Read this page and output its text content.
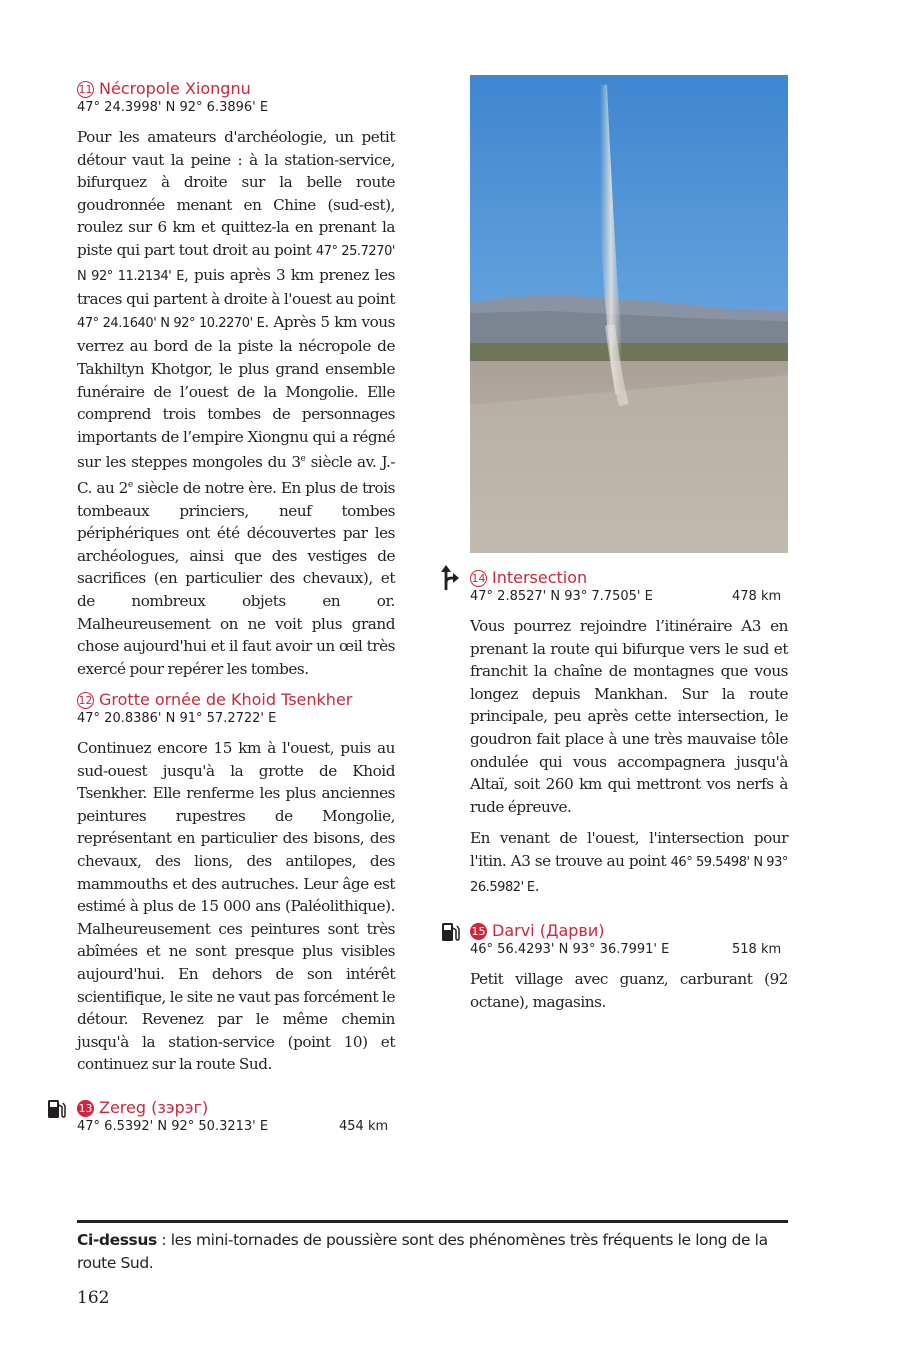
11 Nécropole Xiongnu
47° 24.3998' N 92° 6.3896' E

Pour les amateurs d'archéologie, un petit détour vaut la peine : à la station-service, bifurquez à droite sur la belle route goudronnée menant en Chine (sud-est), roulez sur 6 km et quittez-la en prenant la piste qui part tout droit au point 47° 25.7270' N 92° 11.2134' E, puis après 3 km prenez les traces qui partent à droite à l'ouest au point 47° 24.1640' N 92° 10.2270' E. Après 5 km vous verrez au bord de la piste la nécropole de Takhiltyn Khotgor, le plus grand ensemble funéraire de l’ouest de la Mongolie. Elle comprend trois tombes de personnages importants de l’empire Xiongnu qui a régné sur les steppes mongoles du 3e siècle av. J.-C. au 2e siècle de notre ère. En plus de trois tombeaux princiers, neuf tombes périphériques ont été découvertes par les archéologues, ainsi que des vestiges de sacrifices (en particulier des chevaux), et de nombreux objets en or. Malheureusement on ne voit plus grand chose aujourd'hui et il faut avoir un œil très exercé pour repérer les tombes.

12 Grotte ornée de Khoid Tsenkher
47° 20.8386' N 91° 57.2722' E

Continuez encore 15 km à l'ouest, puis au sud-ouest jusqu'à la grotte de Khoid Tsenkher. Elle renferme les plus anciennes peintures rupestres de Mongolie, représentant en particulier des bisons, des chevaux, des lions, des antilopes, des mammouths et des autruches. Leur âge est estimé à plus de 15 000 ans (Paléolithique). Malheureusement ces peintures sont très abîmées et ne sont presque plus visibles aujourd'hui. En dehors de son intérêt scientifique, le site ne vaut pas forcément le détour. Revenez par le même chemin jusqu'à la station-service (point 10) et continuez sur la route Sud.

13 Zereg (зэрэг)
47° 6.5392' N 92° 50.3213' E	454 km
14 Intersection
47° 2.8527' N 93° 7.7505' E	478 km

Vous pourrez rejoindre l’itinéraire A3 en prenant la route qui bifurque vers le sud et franchit la chaîne de montagnes que vous longez depuis Mankhan. Sur la route principale, peu après cette intersection, le goudron fait place à une très mauvaise tôle ondulée qui vous accompagnera jusqu'à Altaï, soit 260 km qui mettront vos nerfs à rude épreuve.

En venant de l'ouest, l'intersection pour l'itin. A3 se trouve au point 46° 59.5498' N 93° 26.5982' E.

15 Darvi (Дарви)
46° 56.4293' N 93° 36.7991' E	518 km

Petit village avec guanz, carburant (92 octane), magasins.

Ci-dessus : les mini-tornades de poussière sont des phénomènes très fréquents le long de la route Sud.
162
